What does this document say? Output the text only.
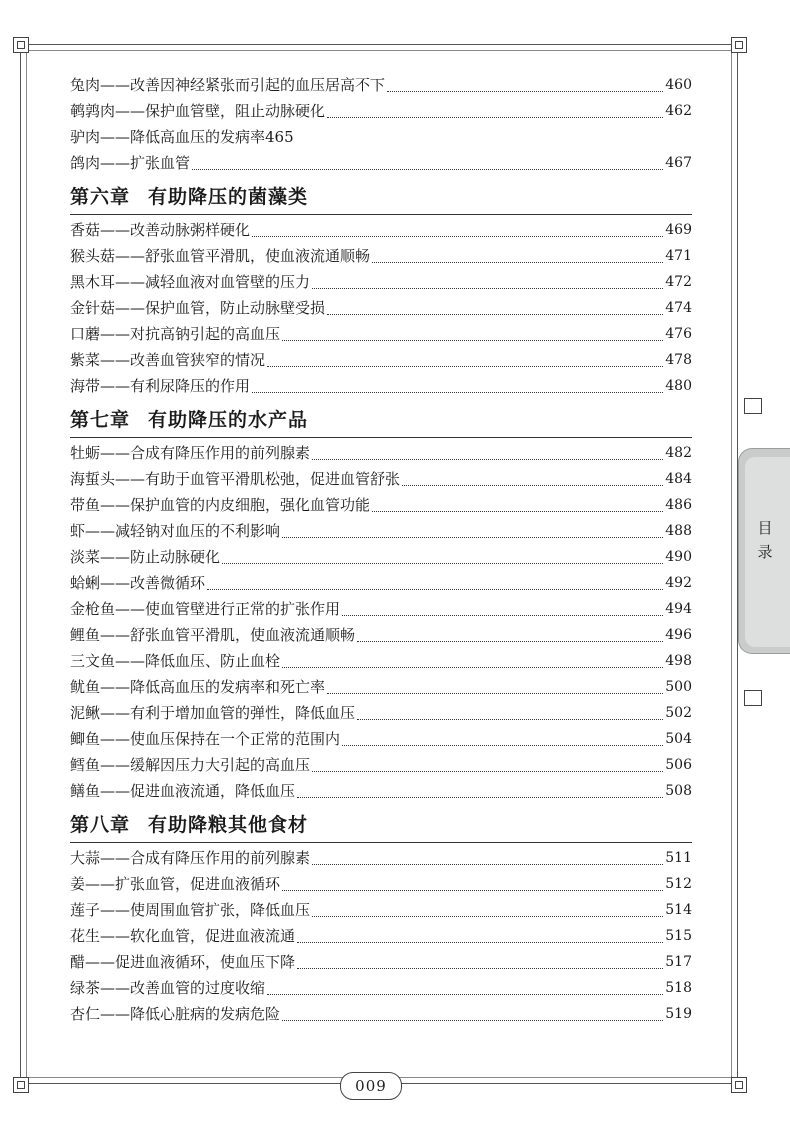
目
录
兔肉——改善因神经紧张而引起的血压居高不下	460
鹌鹑肉——保护血管壁，阻止动脉硬化	462
驴肉——降低高血压的发病率465
鸽肉——扩张血管	467
第六章 有助降压的菌藻类
香菇——改善动脉粥样硬化	469
猴头菇——舒张血管平滑肌，使血液流通顺畅	471
黑木耳——减轻血液对血管壁的压力	472
金针菇——保护血管，防止动脉壁受损	474
口蘑——对抗高钠引起的高血压	476
紫菜——改善血管狭窄的情况	478
海带——有利尿降压的作用	480
第七章 有助降压的水产品
牡蛎——合成有降压作用的前列腺素	482
海蜇头——有助于血管平滑肌松弛，促进血管舒张	484
带鱼——保护血管的内皮细胞，强化血管功能	486
虾——减轻钠对血压的不利影响	488
淡菜——防止动脉硬化	490
蛤蜊——改善微循环	492
金枪鱼——使血管壁进行正常的扩张作用	494
鲤鱼——舒张血管平滑肌，使血液流通顺畅	496
三文鱼——降低血压、防止血栓	498
鱿鱼——降低高血压的发病率和死亡率	500
泥鳅——有利于增加血管的弹性，降低血压	502
鲫鱼——使血压保持在一个正常的范围内	504
鳕鱼——缓解因压力大引起的高血压	506
鳝鱼——促进血液流通，降低血压	508
第八章 有助降粮其他食材
大蒜——合成有降压作用的前列腺素	511
姜——扩张血管，促进血液循环	512
莲子——使周围血管扩张，降低血压	514
花生——软化血管，促进血液流通	515
醋——促进血液循环，使血压下降	517
绿茶——改善血管的过度收缩	518
杏仁——降低心脏病的发病危险	519
009
